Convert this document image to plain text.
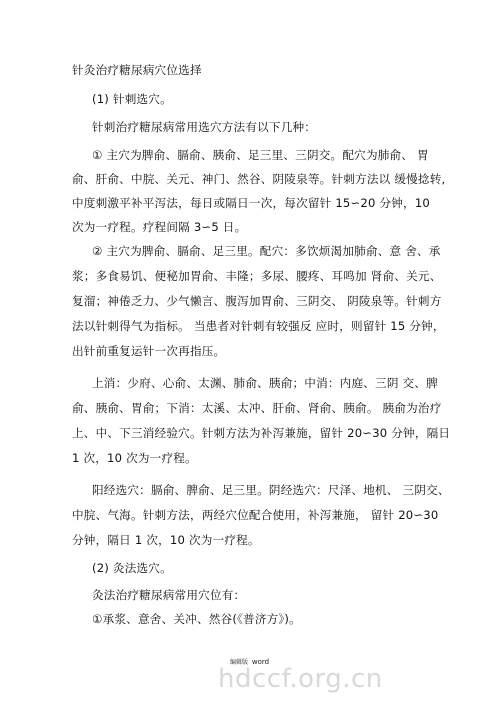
针灸治疗糖尿病穴位选择
(1) 针刺选穴。
针刺治疗糖尿病常用选穴方法有以下几种：
① 主穴为脾俞、膈俞、胰俞、足三里、三阴交。配穴为肺俞、 胃
俞、肝俞、中脘、关元、神门、然谷、阴陵泉等。针刺方法以 缓慢捻转,
中度刺激平补平泻法，每日或隔日一次，每次留针 15∽20 分钟，10
次为一疗程。疗程间隔 3∽5 日。
② 主穴为脾俞、膈俞、足三里。配穴：多饮烦渴加肺俞、意 舍、承
浆；多食易饥、便秘加胃俞、丰隆；多尿、腰疼、耳鸣加 肾俞、关元、
复溜；神倦乏力、少气懒言、腹泻加胃俞、三阴交、 阴陵泉等。针刺方
法以针刺得气为指标。 当患者对针刺有较强反 应时，则留针 15 分钟，
出针前重复运针一次再指压。
上消：少府、心俞、太渊、肺俞、胰俞；中消：内庭、三阴 交、脾
俞、胰俞、胃俞；下消：太溪、太冲、肝俞、肾俞、胰俞。 胰俞为治疗
上、中、下三消经验穴。针刺方法为补泻兼施，留针 20∽30 分钟，隔日
1 次，10 次为一疗程。
阳经选穴：膈俞、脾俞、足三里。阴经选穴：尺泽、地机、 三阴交、
中脘、气海。针刺方法，两经穴位配合使用，补泻兼施， 留针 20∽30
分钟，隔日 1 次，10 次为一疗程。
(2) 灸法选穴。
灸法治疗糖尿病常用穴位有：
①承浆、意舍、关冲、然谷(《普济方》)。
编辑版 word
hdccf.org.cn
